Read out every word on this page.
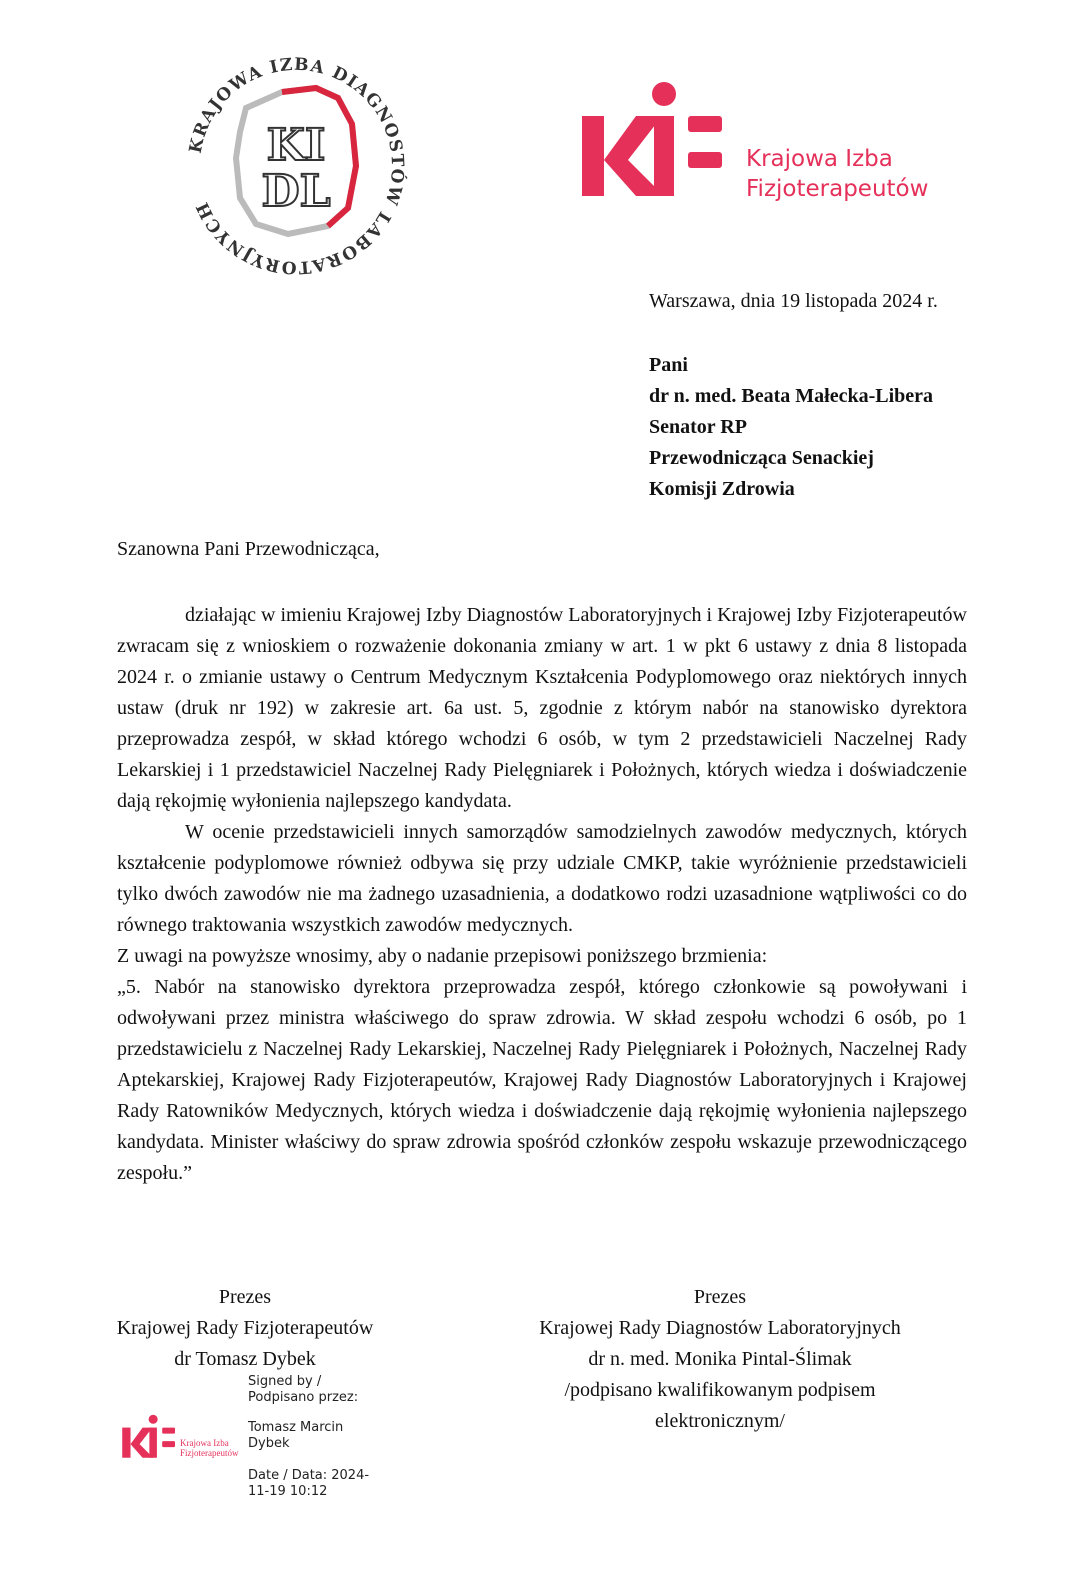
KRAJOWA IZBA DIAGNOSTÓW LABORATORYJNYCH
KI
DL
Krajowa Izba
Fizjoterapeutów
Warszawa, dnia 19 listopada 2024 r.
Pani
dr n. med. Beata Małecka-Libera
Senator RP
Przewodnicząca Senackiej
Komisji Zdrowia
Szanowna Pani Przewodnicząca,

działając w imieniu Krajowej Izby Diagnostów Laboratoryjnych i Krajowej Izby Fizjoterapeutów zwracam się z wnioskiem o rozważenie dokonania zmiany w art. 1 w pkt 6 ustawy z dnia 8 listopada 2024 r. o zmianie ustawy o Centrum Medycznym Kształcenia Podyplomowego oraz niektórych innych ustaw (druk nr 192) w zakresie art. 6a ust. 5, zgodnie z którym nabór na stanowisko dyrektora przeprowadza zespół, w skład którego wchodzi 6 osób, w tym 2 przedstawicieli Naczelnej Rady Lekarskiej i 1 przedstawiciel Naczelnej Rady Pielęgniarek i Położnych, których wiedza i doświadczenie dają rękojmię wyłonienia najlepszego kandydata.

W ocenie przedstawicieli innych samorządów samodzielnych zawodów medycznych, których kształcenie podyplomowe również odbywa się przy udziale CMKP, takie wyróżnienie przedstawicieli tylko dwóch zawodów nie ma żadnego uzasadnienia, a dodatkowo rodzi uzasadnione wątpliwości co do równego traktowania wszystkich zawodów medycznych.

Z uwagi na powyższe wnosimy, aby o nadanie przepisowi poniższego brzmienia:

„5. Nabór na stanowisko dyrektora przeprowadza zespół, którego członkowie są powoływani i odwoływani przez ministra właściwego do spraw zdrowia. W skład zespołu wchodzi 6 osób, po 1 przedstawicielu z Naczelnej Rady Lekarskiej, Naczelnej Rady Pielęgniarek i Położnych, Naczelnej Rady Aptekarskiej, Krajowej Rady Fizjoterapeutów, Krajowej Rady Diagnostów Laboratoryjnych i Krajowej Rady Ratowników Medycznych, których wiedza i doświadczenie dają rękojmię wyłonienia najlepszego kandydata. Minister właściwy do spraw zdrowia spośród członków zespołu wskazuje przewodniczącego zespołu.”

Prezes
Krajowej Rady Fizjoterapeutów
dr Tomasz Dybek
Prezes
Krajowej Rady Diagnostów Laboratoryjnych
dr n. med. Monika Pintal-Ślimak
/podpisano kwalifikowanym podpisem elektronicznym/
Signed by /
Podpisano przez:
Tomasz Marcin
Dybek
Date / Data: 2024-
11-19 10:12
Krajowa Izba
Fizjoterapeutów
